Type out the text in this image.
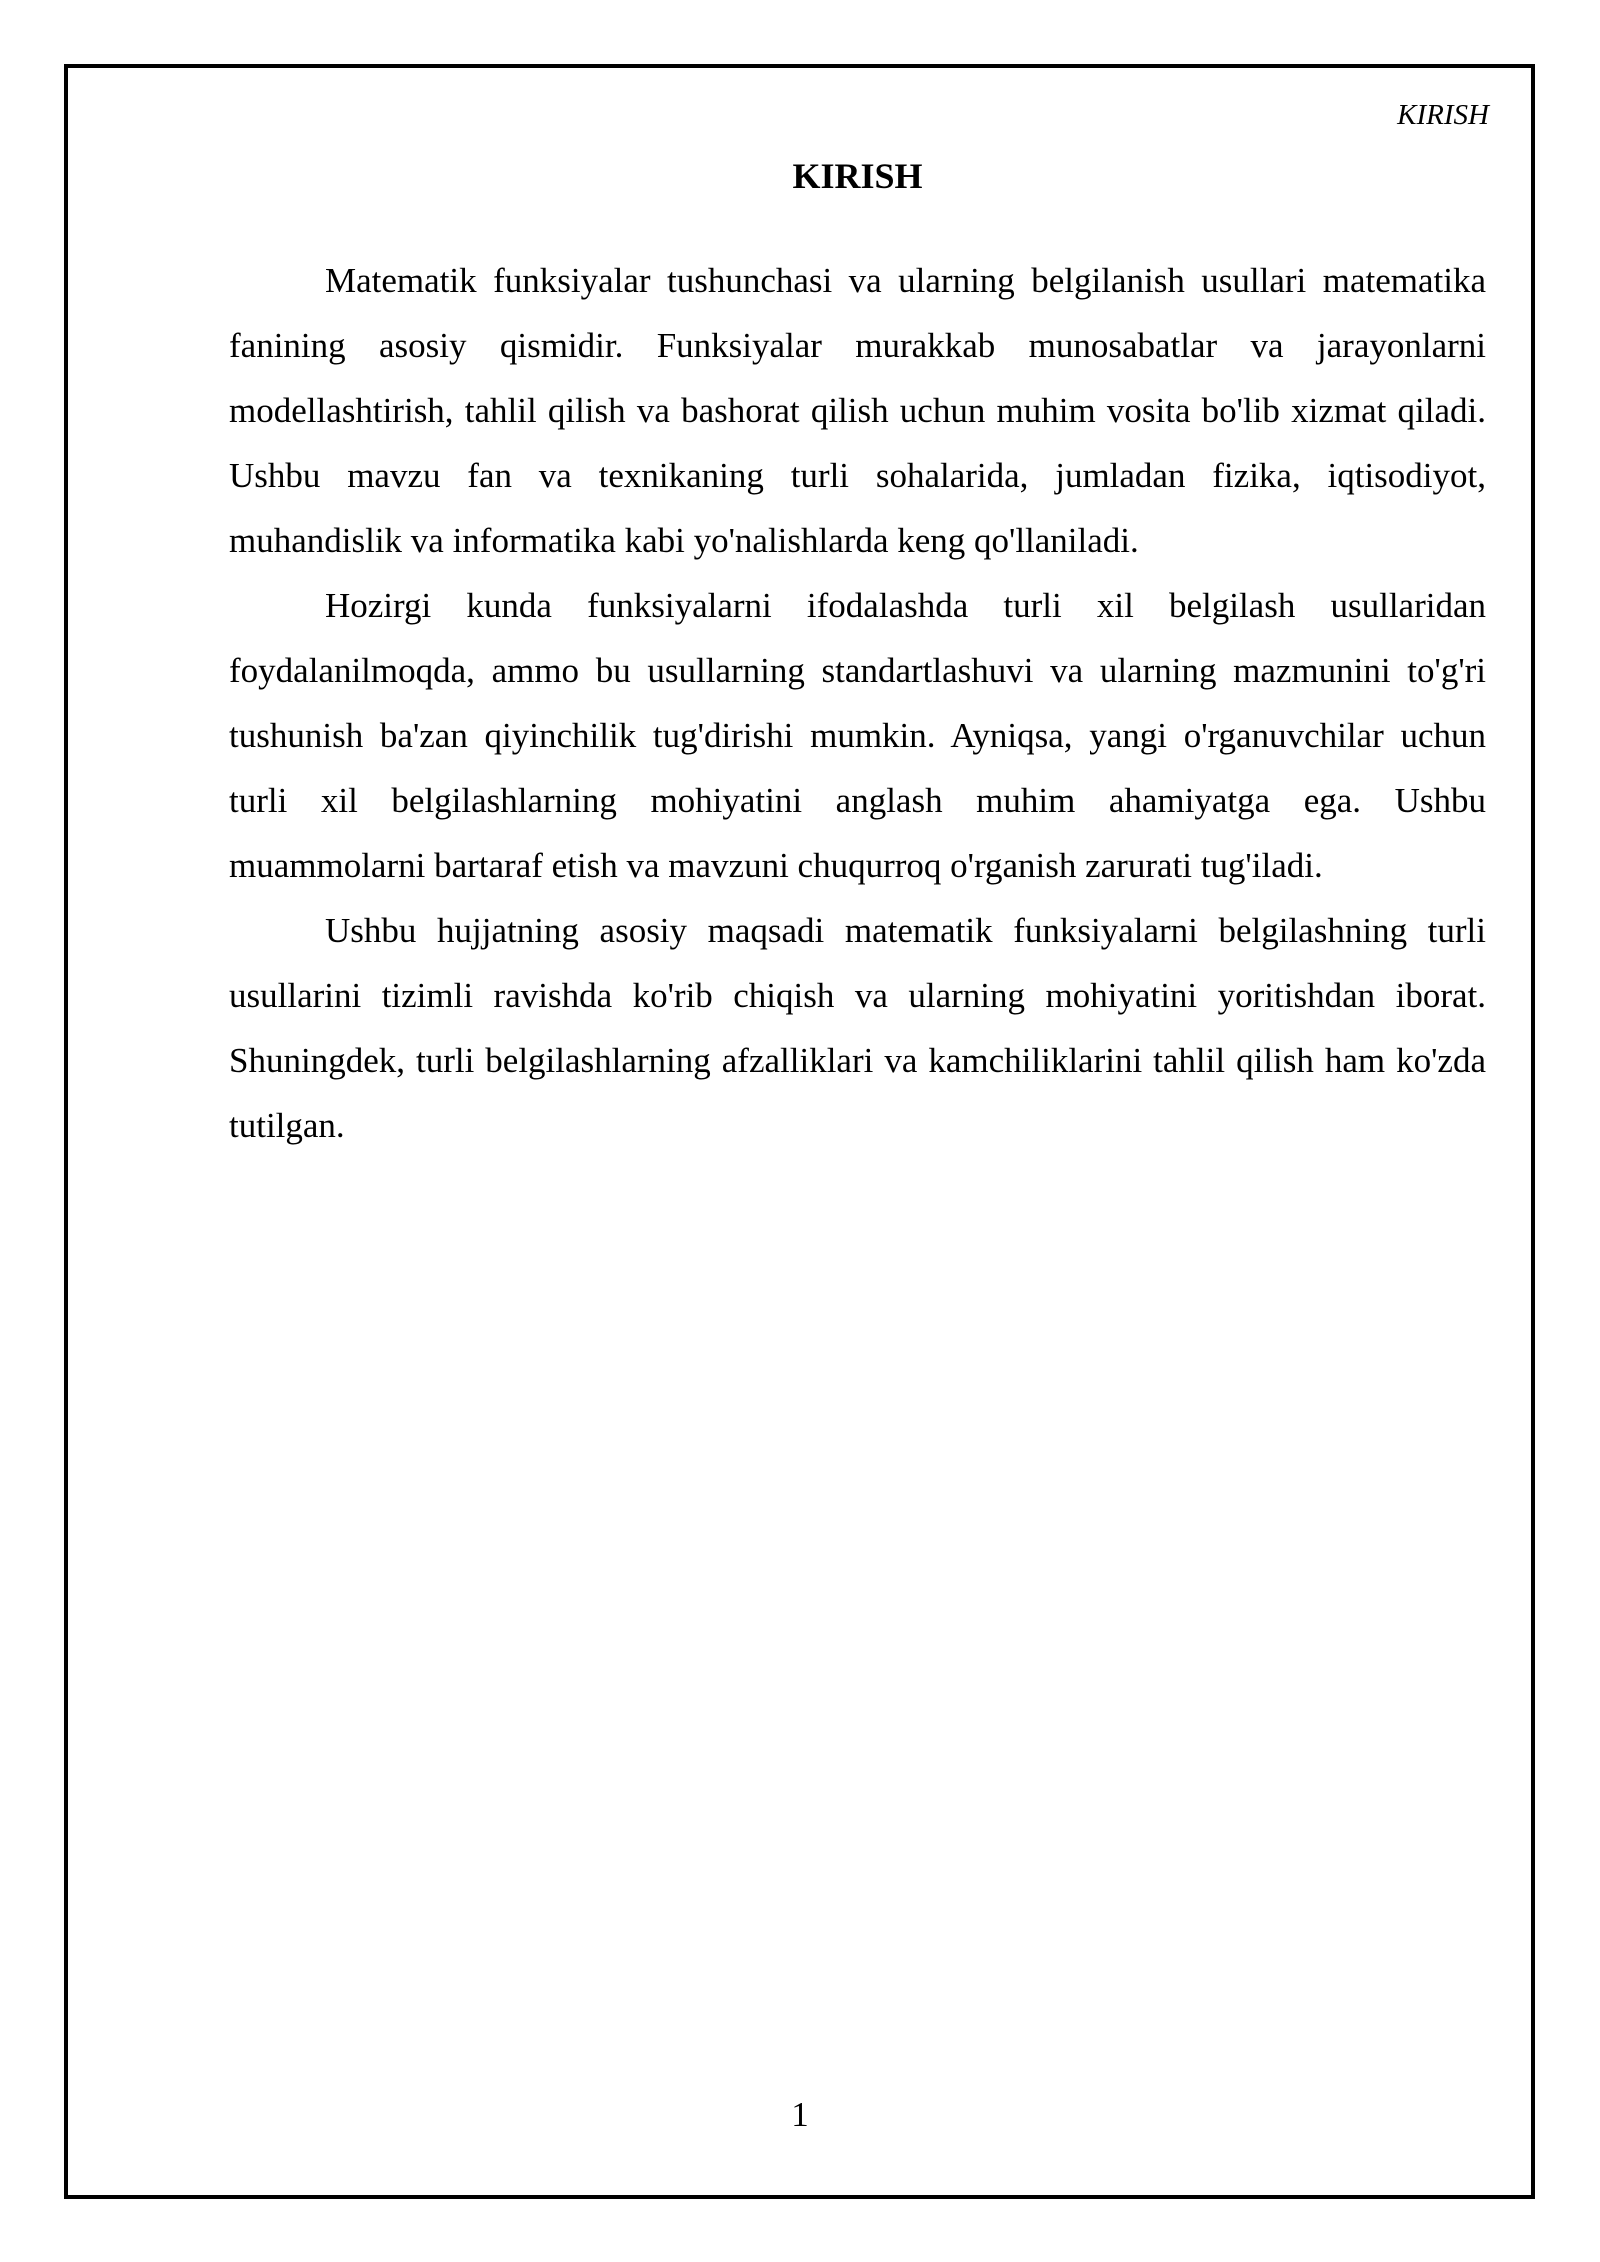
KIRISH
KIRISH

Matematik funksiyalar tushunchasi va ularning belgilanish usullari matematika fanining asosiy qismidir. Funksiyalar murakkab munosabatlar va jarayonlarni modellashtirish, tahlil qilish va bashorat qilish uchun muhim vosita bo'lib xizmat qiladi. Ushbu mavzu fan va texnikaning turli sohalarida, jumladan fizika, iqtisodiyot, muhandislik va informatika kabi yo'nalishlarda keng qo'llaniladi.

Hozirgi kunda funksiyalarni ifodalashda turli xil belgilash usullaridan foydalanilmoqda, ammo bu usullarning standartlashuvi va ularning mazmunini to'g'ri tushunish ba'zan qiyinchilik tug'dirishi mumkin. Ayniqsa, yangi o'rganuvchilar uchun turli xil belgilashlarning mohiyatini anglash muhim ahamiyatga ega. Ushbu muammolarni bartaraf etish va mavzuni chuqurroq o'rganish zarurati tug'iladi.

Ushbu hujjatning asosiy maqsadi matematik funksiyalarni belgilashning turli usullarini tizimli ravishda ko'rib chiqish va ularning mohiyatini yoritishdan iborat. Shuningdek, turli belgilashlarning afzalliklari va kamchiliklarini tahlil qilish ham ko'zda tutilgan.

1
